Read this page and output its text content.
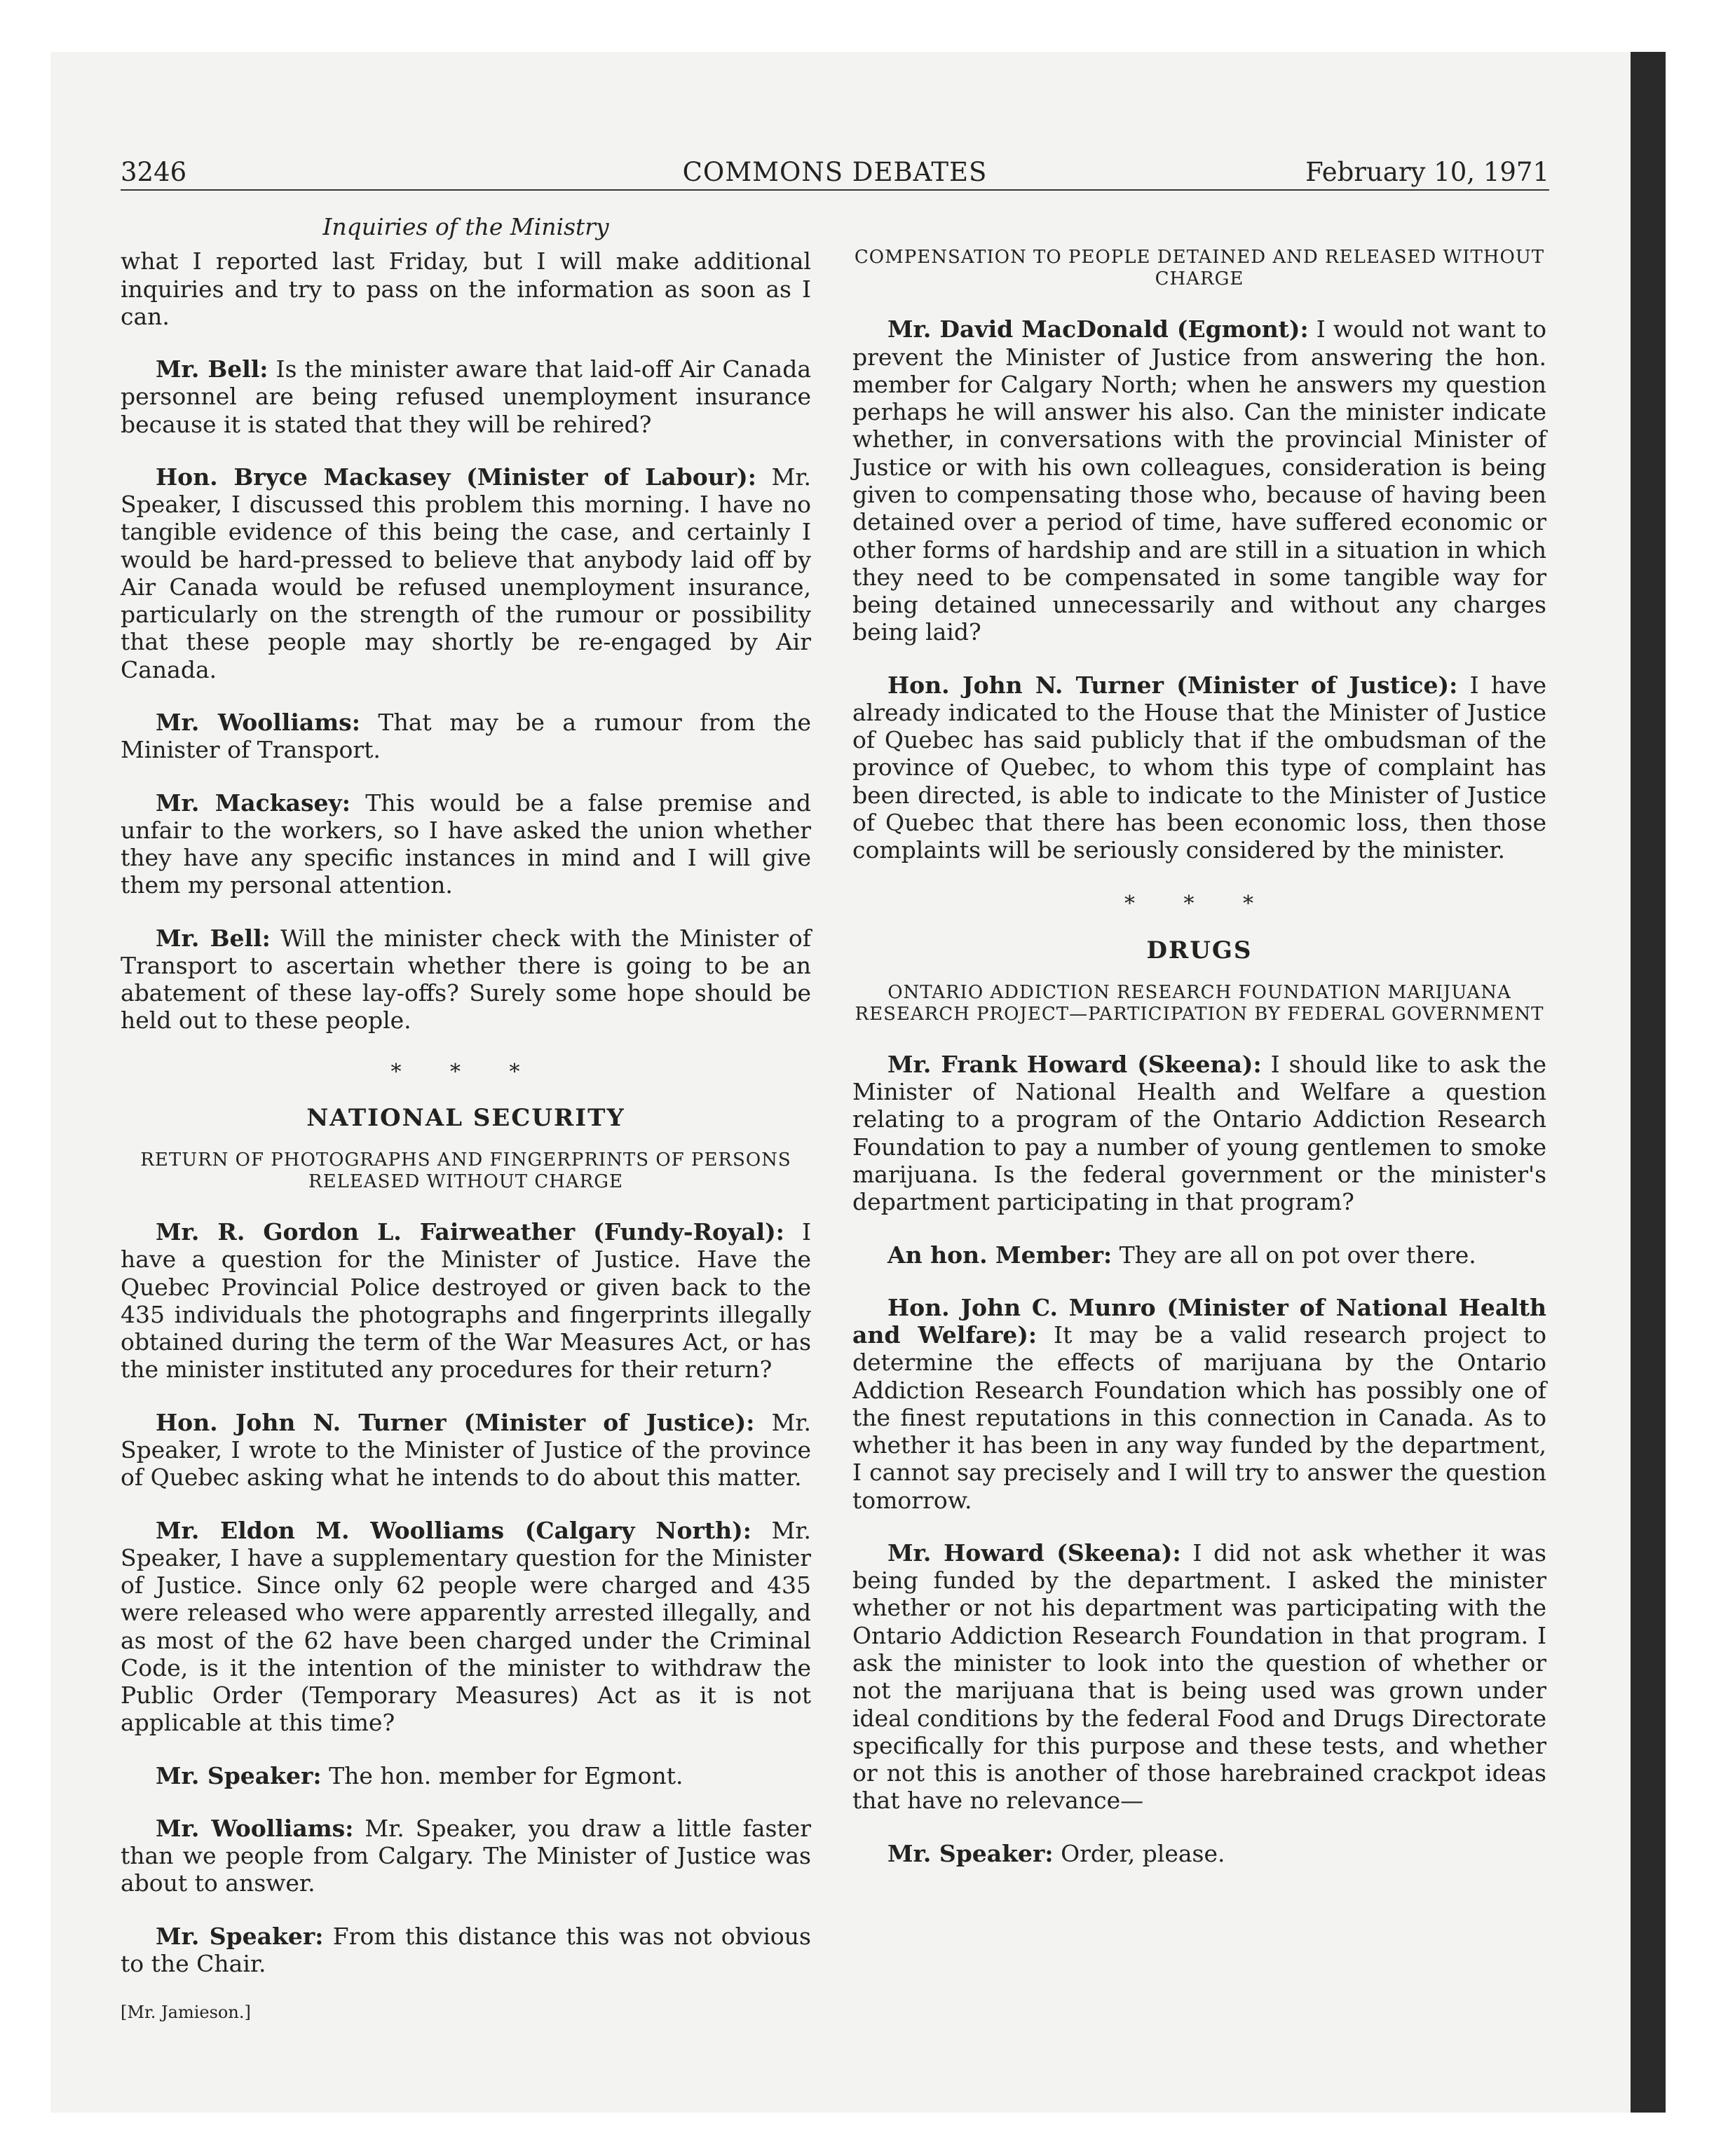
3246	COMMONS DEBATES	February 10, 1971
Inquiries of the Ministry

what I reported last Friday, but I will make additional inquiries and try to pass on the information as soon as I can.

Mr. Bell: Is the minister aware that laid-off Air Canada personnel are being refused unemployment insurance because it is stated that they will be rehired?

Hon. Bryce Mackasey (Minister of Labour): Mr. Speaker, I discussed this problem this morning. I have no tangible evidence of this being the case, and certainly I would be hard-pressed to believe that anybody laid off by Air Canada would be refused unemployment insurance, particularly on the strength of the rumour or possibility that these people may shortly be re-engaged by Air Canada.

Mr. Woolliams: That may be a rumour from the Minister of Transport.

Mr. Mackasey: This would be a false premise and unfair to the workers, so I have asked the union whether they have any specific instances in mind and I will give them my personal attention.

Mr. Bell: Will the minister check with the Minister of Transport to ascertain whether there is going to be an abatement of these lay-offs? Surely some hope should be held out to these people.

* * *
NATIONAL SECURITY
RETURN OF PHOTOGRAPHS AND FINGERPRINTS OF PERSONS RELEASED WITHOUT CHARGE

Mr. R. Gordon L. Fairweather (Fundy-Royal): I have a question for the Minister of Justice. Have the Quebec Provincial Police destroyed or given back to the 435 individuals the photographs and fingerprints illegally obtained during the term of the War Measures Act, or has the minister instituted any procedures for their return?

Hon. John N. Turner (Minister of Justice): Mr. Speaker, I wrote to the Minister of Justice of the province of Quebec asking what he intends to do about this matter.

Mr. Eldon M. Woolliams (Calgary North): Mr. Speaker, I have a supplementary question for the Minister of Justice. Since only 62 people were charged and 435 were released who were apparently arrested illegally, and as most of the 62 have been charged under the Criminal Code, is it the intention of the minister to withdraw the Public Order (Temporary Measures) Act as it is not applicable at this time?

Mr. Speaker: The hon. member for Egmont.

Mr. Woolliams: Mr. Speaker, you draw a little faster than we people from Calgary. The Minister of Justice was about to answer.

Mr. Speaker: From this distance this was not obvious to the Chair.

[Mr. Jamieson.]
COMPENSATION TO PEOPLE DETAINED AND RELEASED WITHOUT CHARGE

Mr. David MacDonald (Egmont): I would not want to prevent the Minister of Justice from answering the hon. member for Calgary North; when he answers my question perhaps he will answer his also. Can the minister indicate whether, in conversations with the provincial Minister of Justice or with his own colleagues, consideration is being given to compensating those who, because of having been detained over a period of time, have suffered economic or other forms of hardship and are still in a situation in which they need to be compensated in some tangible way for being detained unnecessarily and without any charges being laid?

Hon. John N. Turner (Minister of Justice): I have already indicated to the House that the Minister of Justice of Quebec has said publicly that if the ombudsman of the province of Quebec, to whom this type of complaint has been directed, is able to indicate to the Minister of Justice of Quebec that there has been economic loss, then those complaints will be seriously considered by the minister.

* * *
DRUGS
ONTARIO ADDICTION RESEARCH FOUNDATION MARIJUANA RESEARCH PROJECT—PARTICIPATION BY FEDERAL GOVERNMENT

Mr. Frank Howard (Skeena): I should like to ask the Minister of National Health and Welfare a question relating to a program of the Ontario Addiction Research Foundation to pay a number of young gentlemen to smoke marijuana. Is the federal government or the minister's department participating in that program?

An hon. Member: They are all on pot over there.

Hon. John C. Munro (Minister of National Health and Welfare): It may be a valid research project to determine the effects of marijuana by the Ontario Addiction Research Foundation which has possibly one of the finest reputations in this connection in Canada. As to whether it has been in any way funded by the department, I cannot say precisely and I will try to answer the question tomorrow.

Mr. Howard (Skeena): I did not ask whether it was being funded by the department. I asked the minister whether or not his department was participating with the Ontario Addiction Research Foundation in that program. I ask the minister to look into the question of whether or not the marijuana that is being used was grown under ideal conditions by the federal Food and Drugs Directorate specifically for this purpose and these tests, and whether or not this is another of those harebrained crackpot ideas that have no relevance—

Mr. Speaker: Order, please.
